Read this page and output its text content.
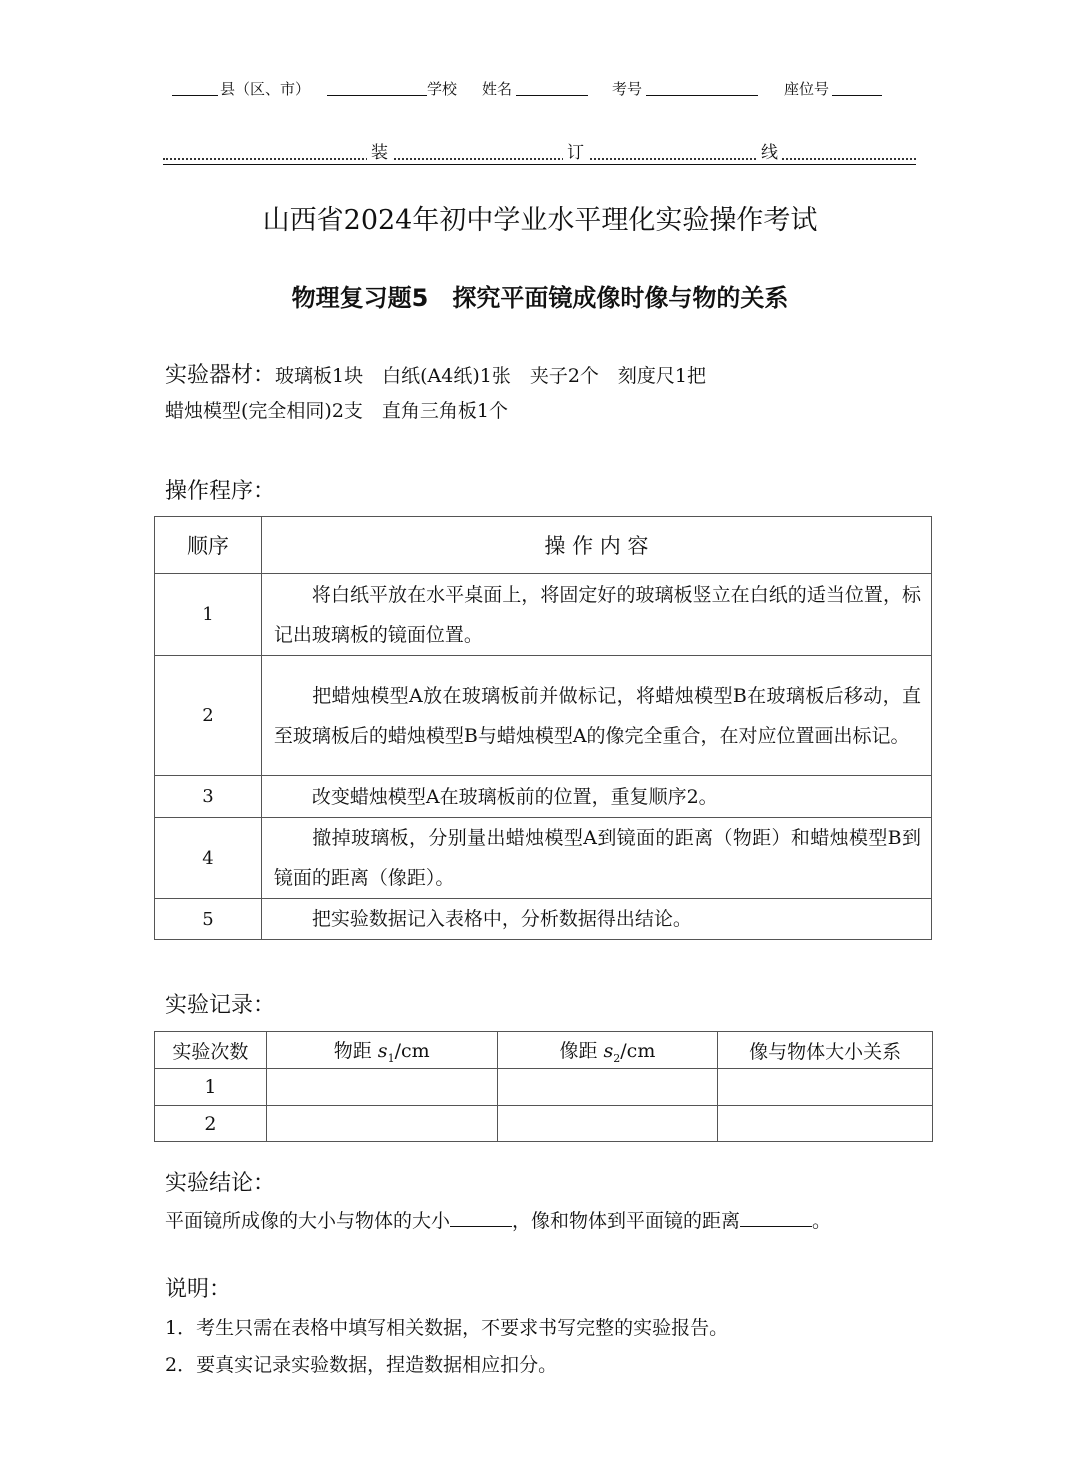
县（区、市）	学校 姓名	考号	座位号
装	订	线
山西省2024年初中学业水平理化实验操作考试
物理复习题5　探究平面镜成像时像与物的关系
实验器材：玻璃板1块　白纸(A4纸)1张　夹子2个　刻度尺1把
蜡烛模型(完全相同)2支　直角三角板1个
操作程序：
顺序	操 作 内 容
1	将白纸平放在水平桌面上，将固定好的玻璃板竖立在白纸的适当位置，标记出玻璃板的镜面位置。
2	把蜡烛模型A放在玻璃板前并做标记，将蜡烛模型B在玻璃板后移动，直至玻璃板后的蜡烛模型B与蜡烛模型A的像完全重合，在对应位置画出标记。
3	改变蜡烛模型A在玻璃板前的位置，重复顺序2。
4	撤掉玻璃板，分别量出蜡烛模型A到镜面的距离（物距）和蜡烛模型B到镜面的距离（像距）。
5	把实验数据记入表格中，分析数据得出结论。
实验记录：
实验次数	物距 $s_1/cm$	像距 $s_2/cm$	像与物体大小关系
1			
2			
实验结论：
平面镜所成像的大小与物体的大小	，像和物体到平面镜的距离	。
说明：
1．考生只需在表格中填写相关数据，不要求书写完整的实验报告。
2．要真实记录实验数据，捏造数据相应扣分。
